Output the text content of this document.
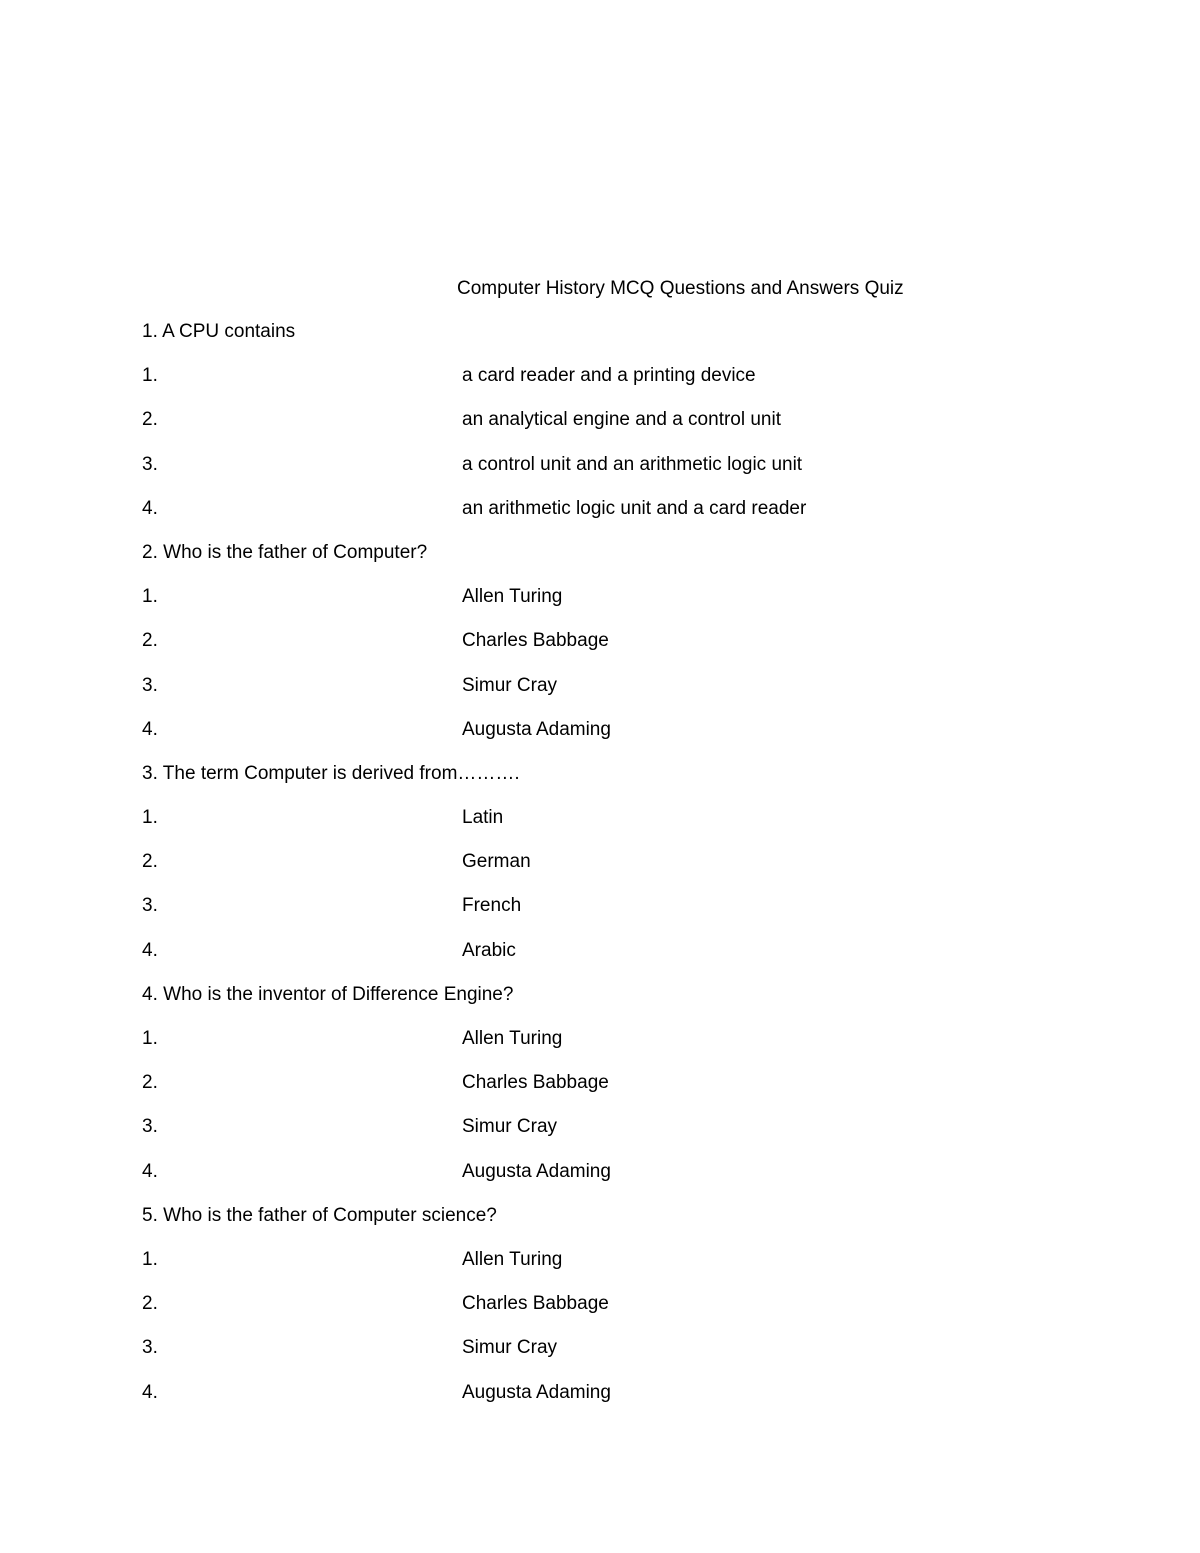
Computer History MCQ Questions and Answers Quiz
1. A CPU contains
1.	a card reader and a printing device
2.	an analytical engine and a control unit
3.	a control unit and an arithmetic logic unit
4.	an arithmetic logic unit and a card reader
2. Who is the father of Computer?
1.	Allen Turing
2.	Charles Babbage
3.	Simur Cray
4.	Augusta Adaming
3. The term Computer is derived from……….
1.	Latin
2.	German
3.	French
4.	Arabic
4. Who is the inventor of Difference Engine?
1.	Allen Turing
2.	Charles Babbage
3.	Simur Cray
4.	Augusta Adaming
5. Who is the father of Computer science?
1.	Allen Turing
2.	Charles Babbage
3.	Simur Cray
4.	Augusta Adaming
